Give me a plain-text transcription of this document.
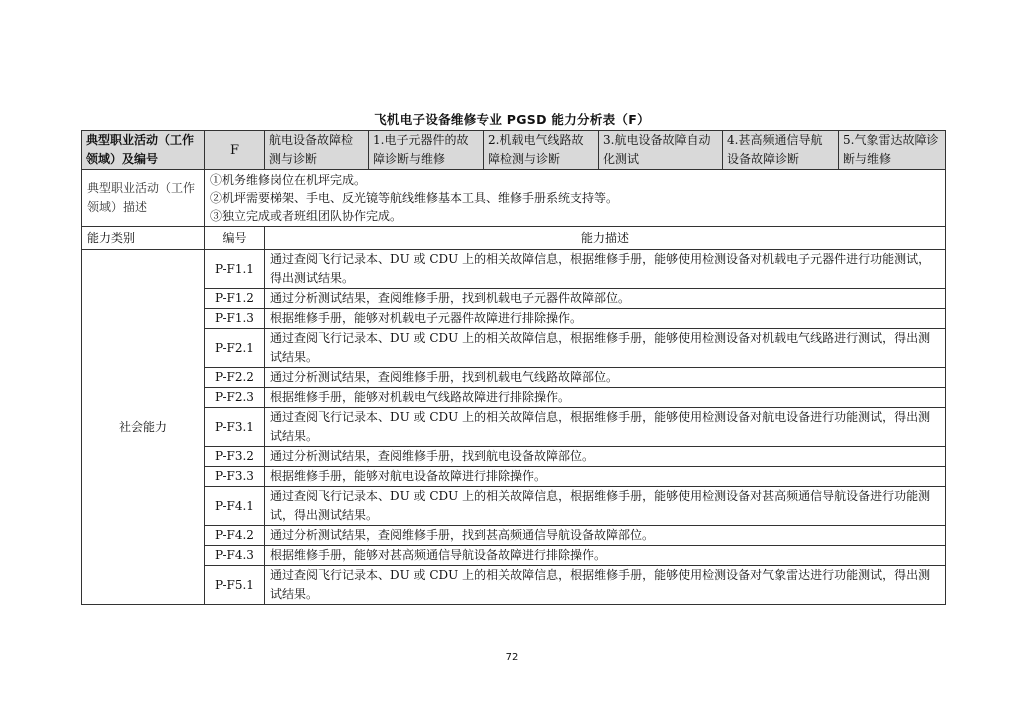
飞机电子设备维修专业 PGSD 能力分析表（F）
典型职业活动（工作领域）及编号	F	航电设备故障检测与诊断	1.电子元器件的故障诊断与维修	2.机载电气线路故障检测与诊断	3.航电设备故障自动化测试	4.甚高频通信导航设备故障诊断	5.气象雷达故障诊断与维修
典型职业活动（工作领域）描述	①机务维修岗位在机坪完成。
②机坪需要梯架、手电、反光镜等航线维修基本工具、维修手册系统支持等。
③独立完成或者班组团队协作完成。						

能力类别	编号	能力描述					
社会能力	P-F1.1	通过查阅飞行记录本、DU 或 CDU 上的相关故障信息，根据维修手册，能够使用检测设备对机载电子元器件进行功能测试，得出测试结果。					
	P-F1.2	通过分析测试结果，查阅维修手册，找到机载电子元器件故障部位。					
	P-F1.3	根据维修手册，能够对机载电子元器件故障进行排除操作。					
	P-F2.1	通过查阅飞行记录本、DU 或 CDU 上的相关故障信息，根据维修手册，能够使用检测设备对机载电气线路进行测试，得出测试结果。					
	P-F2.2	通过分析测试结果，查阅维修手册，找到机载电气线路故障部位。					
	P-F2.3	根据维修手册，能够对机载电气线路故障进行排除操作。					
	P-F3.1	通过查阅飞行记录本、DU 或 CDU 上的相关故障信息，根据维修手册，能够使用检测设备对航电设备进行功能测试，得出测试结果。					
	P-F3.2	通过分析测试结果，查阅维修手册，找到航电设备故障部位。					
	P-F3.3	根据维修手册，能够对航电设备故障进行排除操作。					
	P-F4.1	通过查阅飞行记录本、DU 或 CDU 上的相关故障信息，根据维修手册，能够使用检测设备对甚高频通信导航设备进行功能测试，得出测试结果。					
	P-F4.2	通过分析测试结果，查阅维修手册，找到甚高频通信导航设备故障部位。					
	P-F4.3	根据维修手册，能够对甚高频通信导航设备故障进行排除操作。					
	P-F5.1	通过查阅飞行记录本、DU 或 CDU 上的相关故障信息，根据维修手册，能够使用检测设备对气象雷达进行功能测试，得出测试结果。					
72
